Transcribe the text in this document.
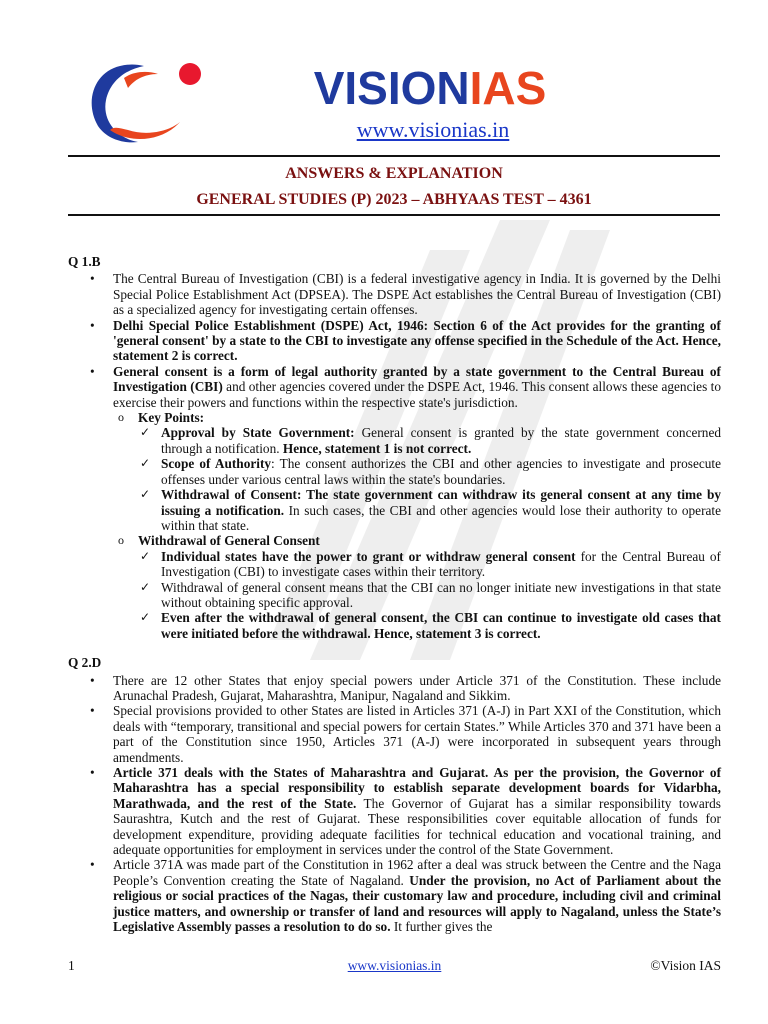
VISIONIAS
www.visionias.in
ANSWERS & EXPLANATION
GENERAL STUDIES (P) 2023 – ABHYAAS TEST – 4361
Q 1.B
• The Central Bureau of Investigation (CBI) is a federal investigative agency in India. It is governed by the Delhi Special Police Establishment Act (DPSEA). The DSPE Act establishes the Central Bureau of Investigation (CBI) as a specialized agency for investigating certain offenses.
• Delhi Special Police Establishment (DSPE) Act, 1946: Section 6 of the Act provides for the granting of 'general consent' by a state to the CBI to investigate any offense specified in the Schedule of the Act. Hence, statement 2 is correct.
• General consent is a form of legal authority granted by a state government to the Central Bureau of Investigation (CBI) and other agencies covered under the DSPE Act, 1946. This consent allows these agencies to exercise their powers and functions within the respective state's jurisdiction.
o Key Points:
✓ Approval by State Government: General consent is granted by the state government concerned through a notification. Hence, statement 1 is not correct.
✓ Scope of Authority: The consent authorizes the CBI and other agencies to investigate and prosecute offenses under various central laws within the state's boundaries.
✓ Withdrawal of Consent: The state government can withdraw its general consent at any time by issuing a notification. In such cases, the CBI and other agencies would lose their authority to operate within that state.
o Withdrawal of General Consent
✓ Individual states have the power to grant or withdraw general consent for the Central Bureau of Investigation (CBI) to investigate cases within their territory.
✓ Withdrawal of general consent means that the CBI can no longer initiate new investigations in that state without obtaining specific approval.
✓ Even after the withdrawal of general consent, the CBI can continue to investigate old cases that were initiated before the withdrawal. Hence, statement 3 is correct.
Q 2.D
• There are 12 other States that enjoy special powers under Article 371 of the Constitution. These include Arunachal Pradesh, Gujarat, Maharashtra, Manipur, Nagaland and Sikkim.
• Special provisions provided to other States are listed in Articles 371 (A-J) in Part XXI of the Constitution, which deals with “temporary, transitional and special powers for certain States.” While Articles 370 and 371 have been a part of the Constitution since 1950, Articles 371 (A-J) were incorporated in subsequent years through amendments.
• Article 371 deals with the States of Maharashtra and Gujarat. As per the provision, the Governor of Maharashtra has a special responsibility to establish separate development boards for Vidarbha, Marathwada, and the rest of the State. The Governor of Gujarat has a similar responsibility towards Saurashtra, Kutch and the rest of Gujarat. These responsibilities cover equitable allocation of funds for development expenditure, providing adequate facilities for technical education and vocational training, and adequate opportunities for employment in services under the control of the State Government.
• Article 371A was made part of the Constitution in 1962 after a deal was struck between the Centre and the Naga People’s Convention creating the State of Nagaland. Under the provision, no Act of Parliament about the religious or social practices of the Nagas, their customary law and procedure, including civil and criminal justice matters, and ownership or transfer of land and resources will apply to Nagaland, unless the State’s Legislative Assembly passes a resolution to do so. It further gives the
1	www.visionias.in	©Vision IAS
